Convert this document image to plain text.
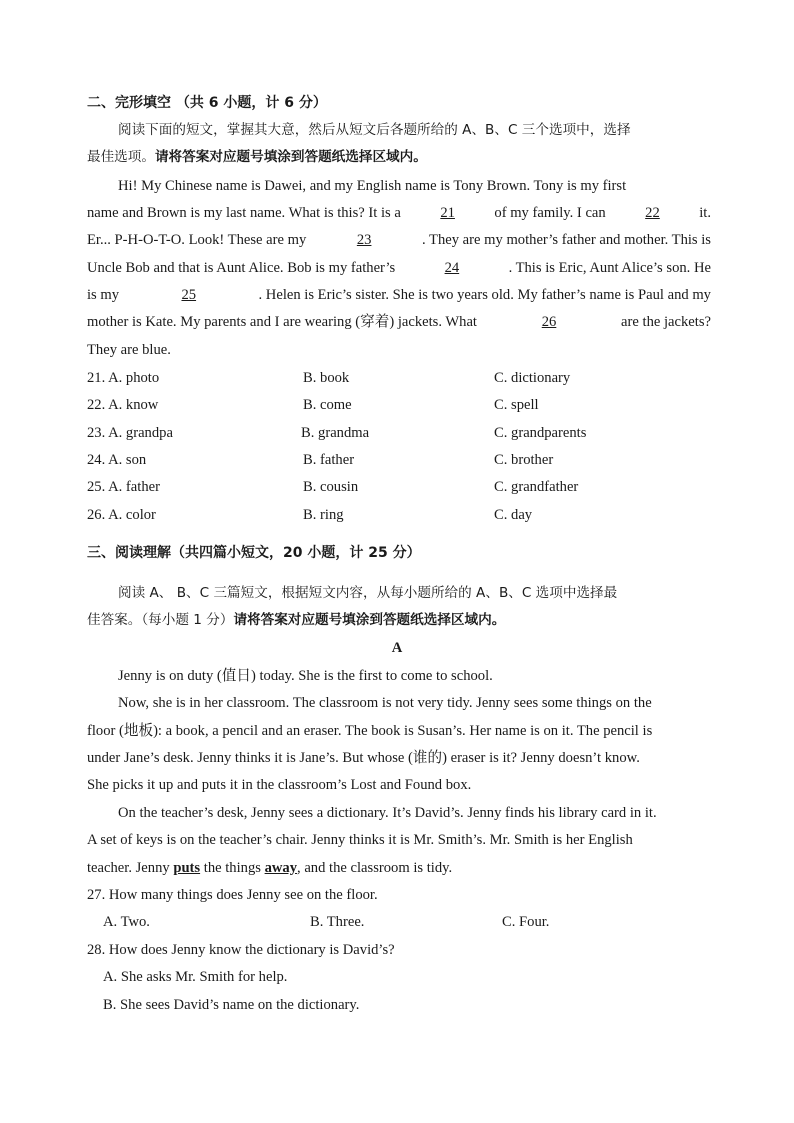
二、完形填空 （共 6 小题，计 6 分）
阅读下面的短文，掌握其大意，然后从短文后各题所给的 A、B、C 三个选项中，选择
最佳选项。请将答案对应题号填涂到答题纸选择区域内。
Hi! My Chinese name is Dawei, and my English name is Tony Brown. Tony is my first
name and Brown is my last name. What is this? It is a	21	of my family. I can	22	it.
Er... P-H-O-T-O. Look! These are my	23	. They are my mother’s father and mother. This is
Uncle Bob and that is Aunt Alice. Bob is my father’s	24	. This is Eric, Aunt Alice’s son. He
is my	25	. Helen is Eric’s sister. She is two years old. My father’s name is Paul and my
mother is Kate. My parents and I are wearing (穿着) jackets. What	26	are the jackets?
They are blue.
21. A. photo	B. book	C. dictionary
22. A. know	B. come	C. spell
23. A. grandpa	B. grandma	C. grandparents
24. A. son	B. father	C. brother
25. A. father	B. cousin	C. grandfather
26. A. color	B. ring	C. day
三、阅读理解（共四篇小短文，20 小题，计 25 分）
阅读 A、 B、C 三篇短文，根据短文内容，从每小题所给的 A、B、C 选项中选择最
佳答案。（每小题 1 分）请将答案对应题号填涂到答题纸选择区域内。
A
Jenny is on duty (值日) today. She is the first to come to school.
Now, she is in her classroom. The classroom is not very tidy. Jenny sees some things on the
floor (地板): a book, a pencil and an eraser. The book is Susan’s. Her name is on it. The pencil is
under Jane’s desk. Jenny thinks it is Jane’s. But whose (谁的) eraser is it? Jenny doesn’t know.
She picks it up and puts it in the classroom’s Lost and Found box.
On the teacher’s desk, Jenny sees a dictionary. It’s David’s. Jenny finds his library card in it.
A set of keys is on the teacher’s chair. Jenny thinks it is Mr. Smith’s. Mr. Smith is her English
teacher. Jenny puts the things away, and the classroom is tidy.
27. How many things does Jenny see on the floor.
A. Two.	B. Three.	C. Four.
28. How does Jenny know the dictionary is David’s?
A. She asks Mr. Smith for help.
B. She sees David’s name on the dictionary.
